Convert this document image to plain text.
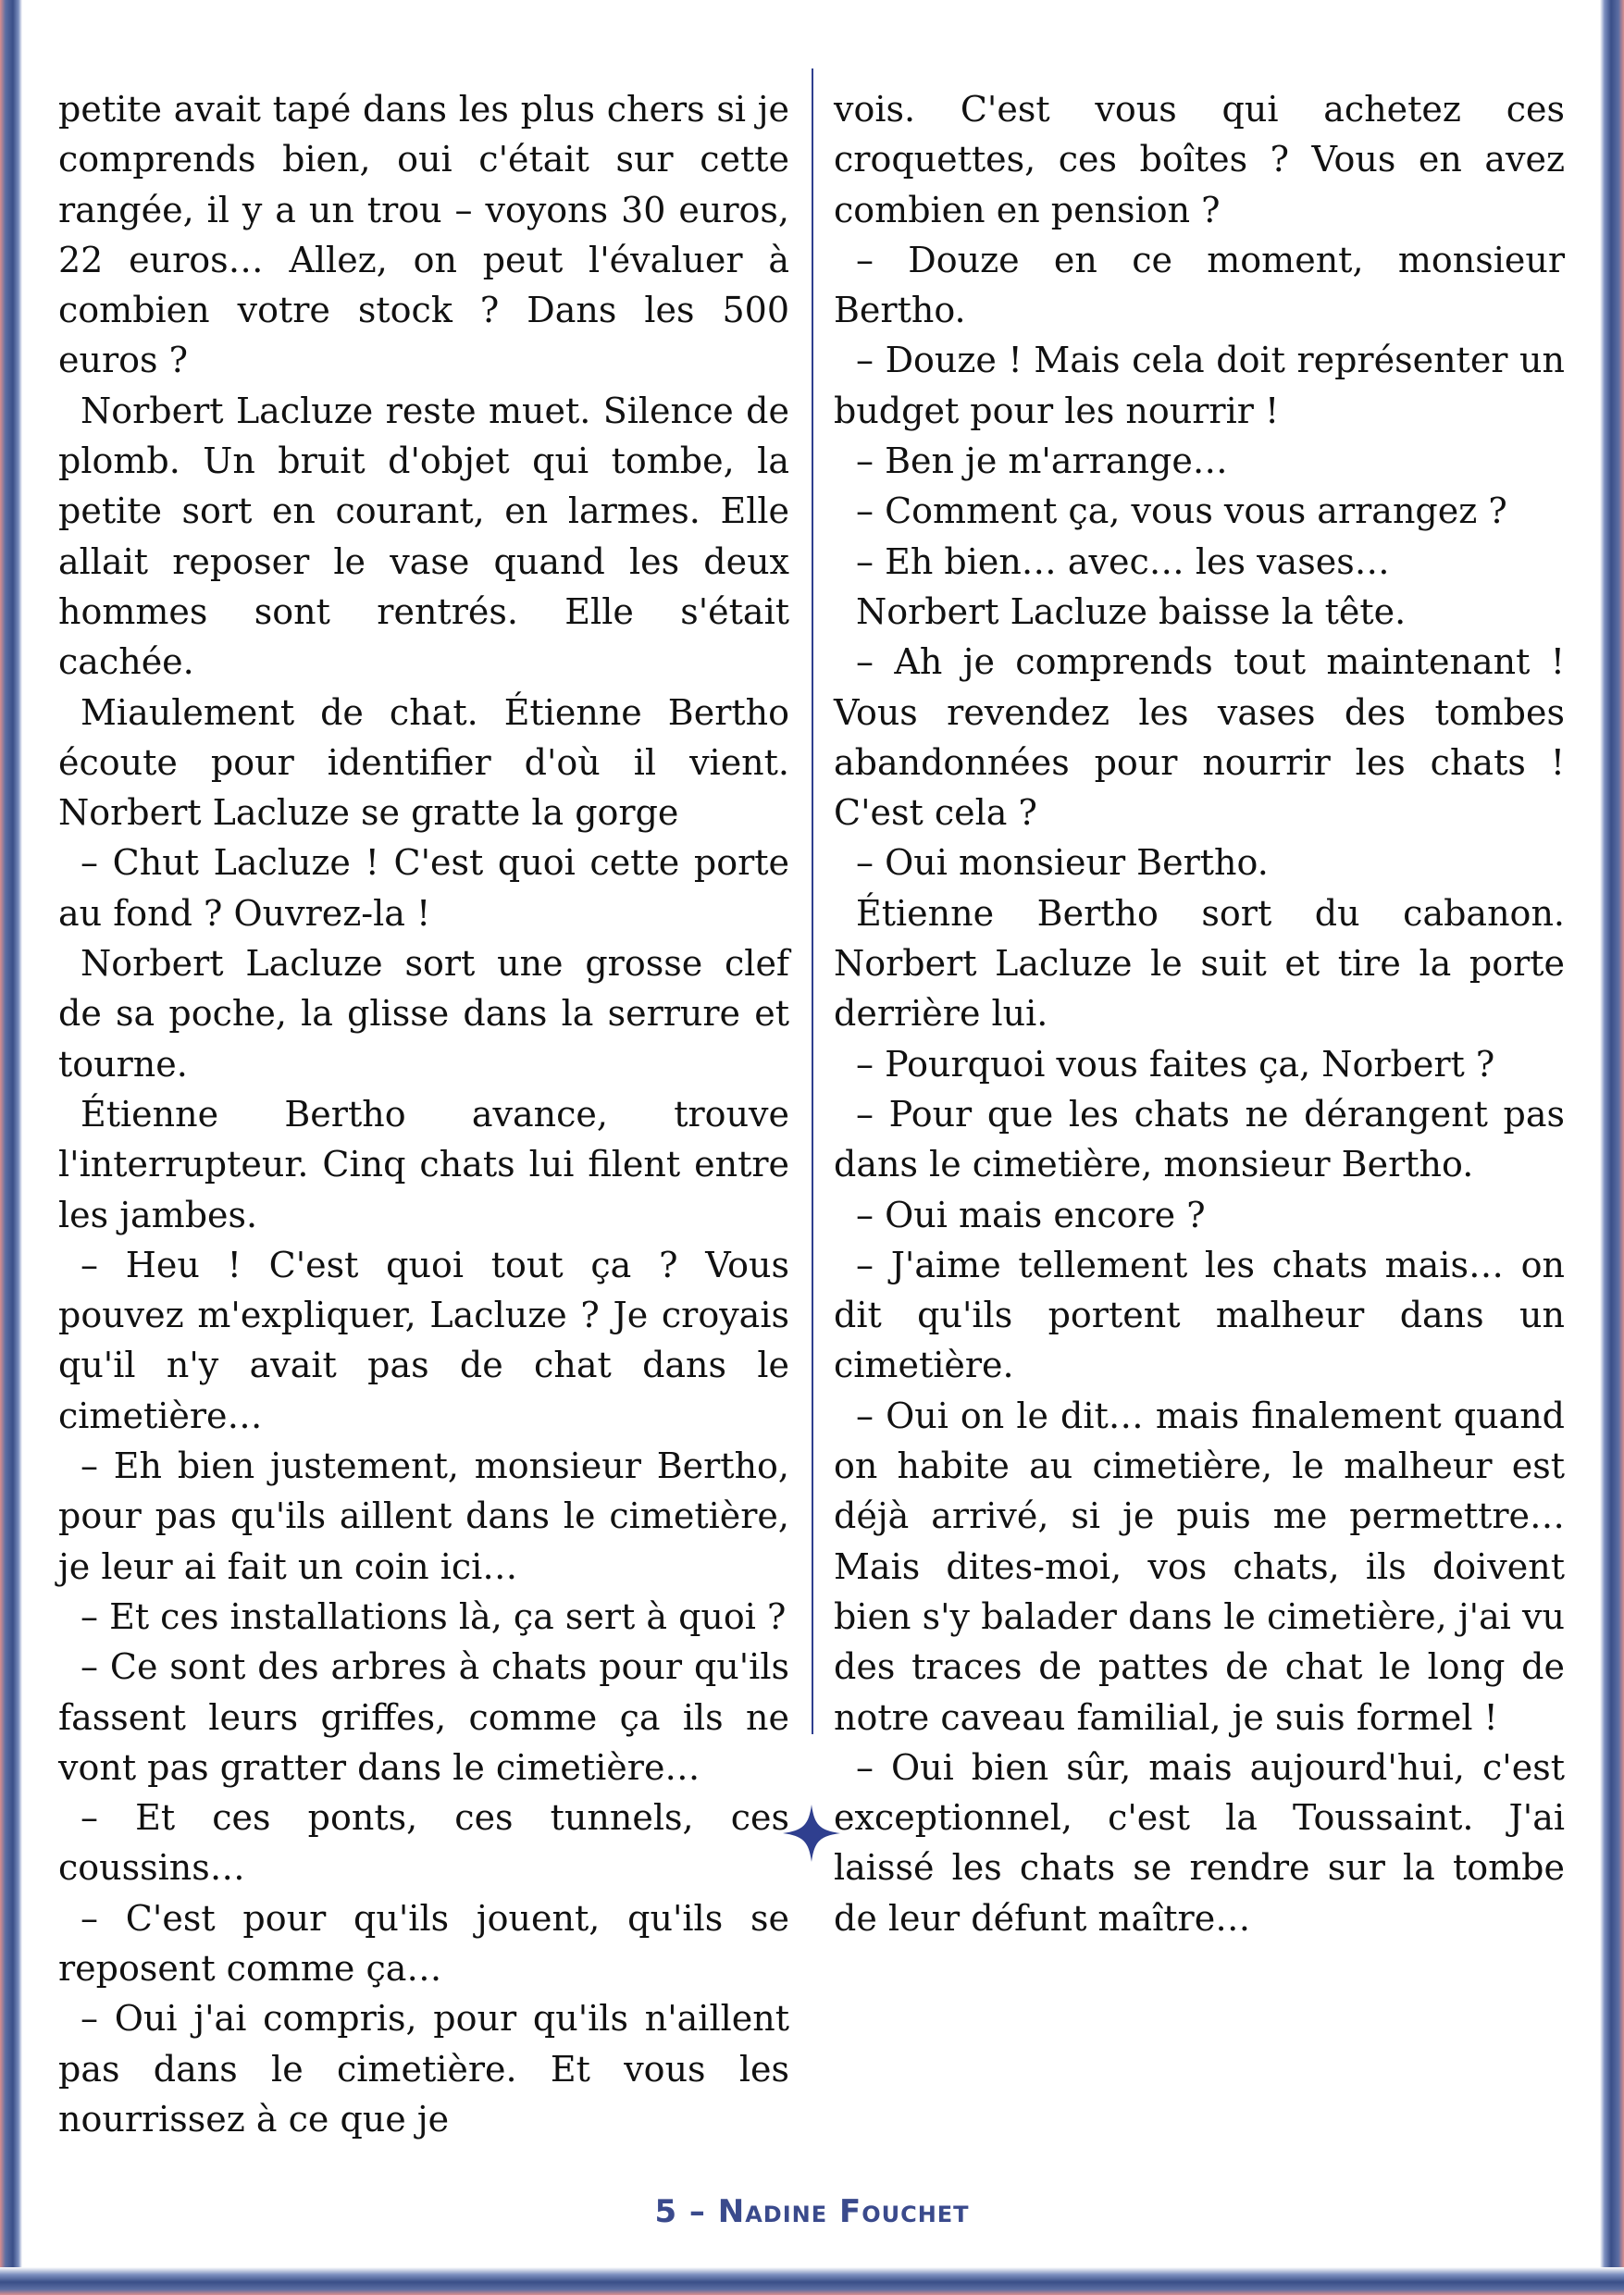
petite avait tapé dans les plus chers si je comprends bien, oui c'était sur cette rangée, il y a un trou – voyons 30 euros, 22 euros… Allez, on peut l'évaluer à combien votre stock ? Dans les 500 euros ?

Norbert Lacluze reste muet. Silence de plomb. Un bruit d'objet qui tombe, la petite sort en courant, en larmes. Elle allait reposer le vase quand les deux hommes sont rentrés. Elle s'était cachée.

Miaulement de chat. Étienne Bertho écoute pour identifier d'où il vient. Norbert Lacluze se gratte la gorge

– Chut Lacluze ! C'est quoi cette porte au fond ? Ouvrez-la !

Norbert Lacluze sort une grosse clef de sa poche, la glisse dans la serrure et tourne.

Étienne Bertho avance, trouve l'interrupteur. Cinq chats lui filent entre les jambes.

– Heu ! C'est quoi tout ça ? Vous pouvez m'expliquer, Lacluze ? Je croyais qu'il n'y avait pas de chat dans le cimetière…

– Eh bien justement, monsieur Bertho, pour pas qu'ils aillent dans le cimetière, je leur ai fait un coin ici…

– Et ces installations là, ça sert à quoi ?

– Ce sont des arbres à chats pour qu'ils fassent leurs griffes, comme ça ils ne vont pas gratter dans le cimetière…

– Et ces ponts, ces tunnels, ces coussins…

– C'est pour qu'ils jouent, qu'ils se reposent comme ça…

– Oui j'ai compris, pour qu'ils n'aillent pas dans le cimetière. Et vous les nourrissez à ce que je

vois. C'est vous qui achetez ces croquettes, ces boîtes ? Vous en avez combien en pension ?

– Douze en ce moment, monsieur Bertho.

– Douze ! Mais cela doit représenter un budget pour les nourrir !

– Ben je m'arrange…

– Comment ça, vous vous arrangez ?

– Eh bien… avec… les vases…

Norbert Lacluze baisse la tête.

– Ah je comprends tout maintenant ! Vous revendez les vases des tombes abandonnées pour nourrir les chats ! C'est cela ?

– Oui monsieur Bertho.

Étienne Bertho sort du cabanon. Norbert Lacluze le suit et tire la porte derrière lui.

– Pourquoi vous faites ça, Norbert ?

– Pour que les chats ne dérangent pas dans le cimetière, monsieur Bertho.

– Oui mais encore ?

– J'aime tellement les chats mais… on dit qu'ils portent malheur dans un cimetière.

– Oui on le dit… mais finalement quand on habite au cimetière, le malheur est déjà arrivé, si je puis me permettre… Mais dites-moi, vos chats, ils doivent bien s'y balader dans le cimetière, j'ai vu des traces de pattes de chat le long de notre caveau familial, je suis formel !

– Oui bien sûr, mais aujourd'hui, c'est exceptionnel, c'est la Toussaint. J'ai laissé les chats se rendre sur la tombe de leur défunt maître…

5 – Nadine Fouchet
